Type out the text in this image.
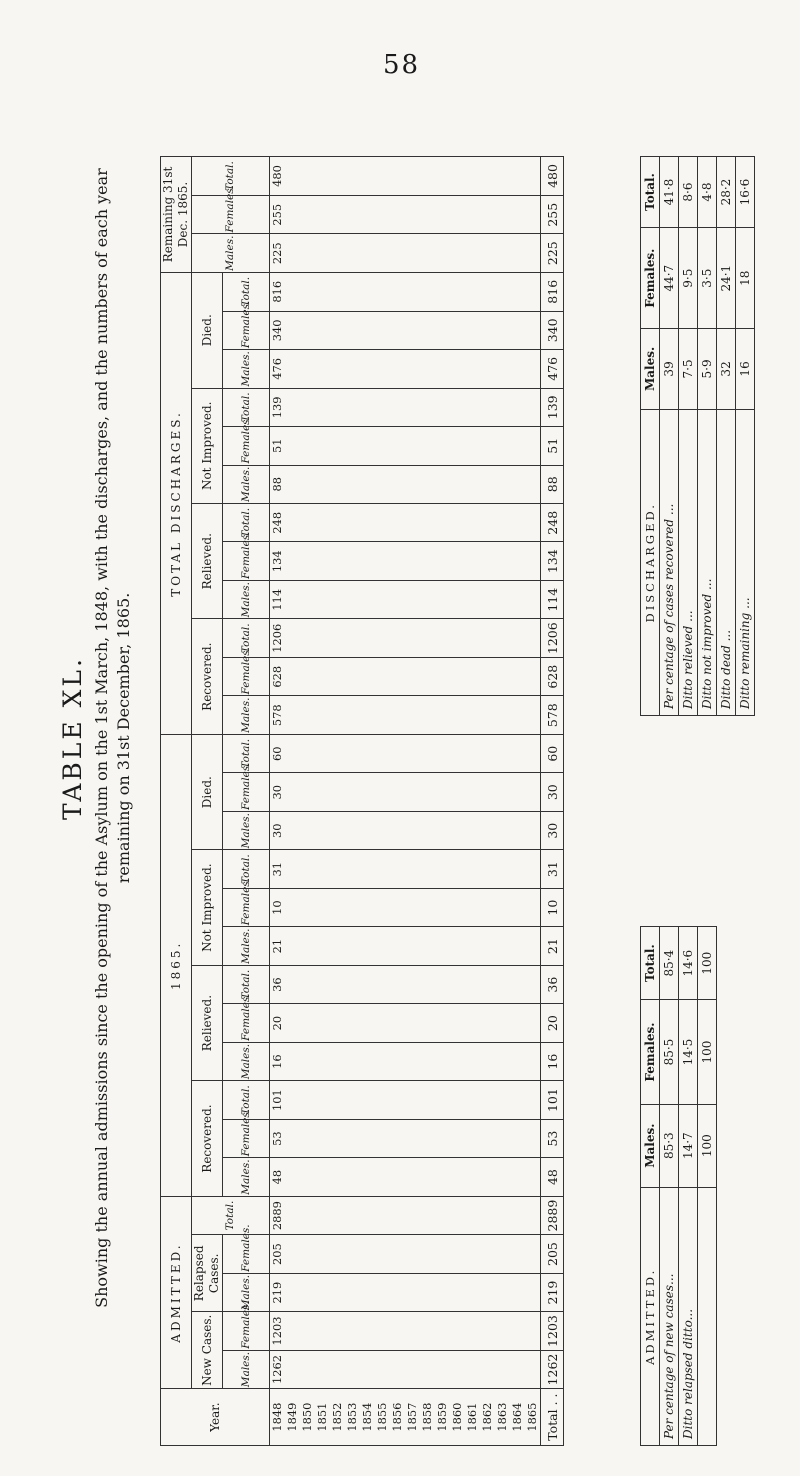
58
TABLE XL. Showing the annual admissions since the opening of the Asylum on the 1st March, 1848, with the discharges, and the numbers of each year remaining on 31st December, 1865.
Year.	ADMITTED.					1865.												TOTAL DISCHARGES.												Remaining 31st Dec. 1865.		
	New Cases.		Relapsed Cases.		Total.	Recovered.			Relieved.			Not Improved.			Died.			Recovered.			Relieved.			Not Improved.			Died.			Males.	Females.	Total.
	Males.	Females.	Males.	Females.		Males.	Females.	Total.	Males.	Females.	Total.	Males.	Females.	Total.	Males.	Females.	Total.	Males.	Females.	Total.	Males.	Females.	Total.	Males.	Females.	Total.	Males.	Females.	Total.			
1848	1262	1203	219	205	2889	48	53	101	16	20	36	21	10	31	30	30	60	578	628	1206	114	134	248	88	51	139	476	340	816	225	255	480
1849																																
1850																																
1851																																
1852																																
1853																																
1854																																
1855																																
1856																																
1857																																
1858																																
1859																																
1860																																
1861																																
1862																																
1863																																
1864																																
1865																																
Total . .	1262	1203	219	205	2889	48	53	101	16	20	36	21	10	31	30	30	60	578	628	1206	114	134	248	88	51	139	476	340	816	225	255	480
ADMITTED.	Males.	Females.	Total.
Per centage of new cases...	85·3	85·5	85·4
Ditto relapsed ditto...	14·7	14·5	14·6
	100	100	100
DISCHARGED.	Males.	Females.	Total.
Per centage of cases recovered ...	39	44·7	41·8
Ditto relieved ...	7·5	9·5	8·6
Ditto not improved ...	5·9	3·5	4·8
Ditto dead ...	32	24·1	28·2
Ditto remaining ...	16	18	16·6
